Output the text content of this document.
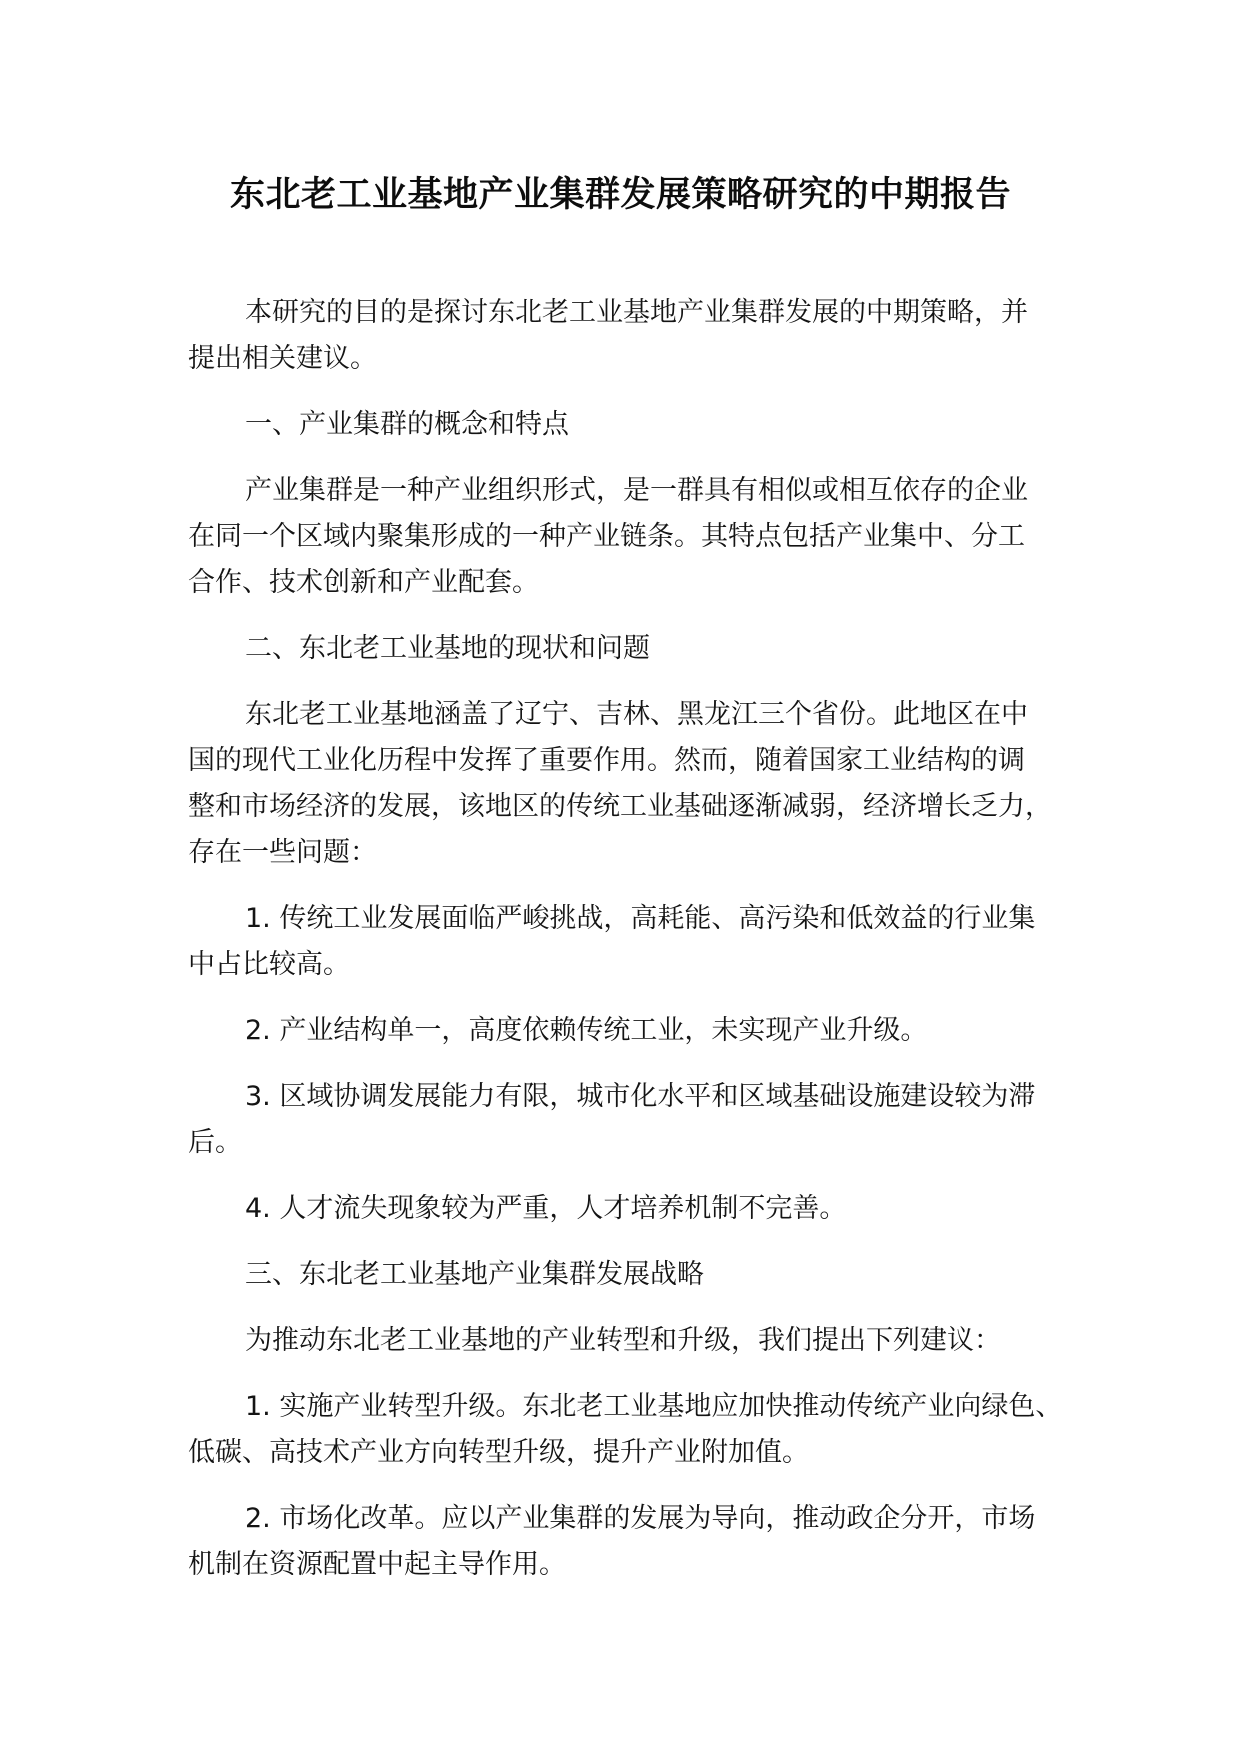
东北老工业基地产业集群发展策略研究的中期报告

本研究的目的是探讨东北老工业基地产业集群发展的中期策略，并
提出相关建议。

一、产业集群的概念和特点

产业集群是一种产业组织形式，是一群具有相似或相互依存的企业
在同一个区域内聚集形成的一种产业链条。其特点包括产业集中、分工
合作、技术创新和产业配套。

二、东北老工业基地的现状和问题

东北老工业基地涵盖了辽宁、吉林、黑龙江三个省份。此地区在中
国的现代工业化历程中发挥了重要作用。然而，随着国家工业结构的调
整和市场经济的发展，该地区的传统工业基础逐渐减弱，经济增长乏力，
存在一些问题：

1. 传统工业发展面临严峻挑战，高耗能、高污染和低效益的行业集
中占比较高。

2. 产业结构单一，高度依赖传统工业，未实现产业升级。

3. 区域协调发展能力有限，城市化水平和区域基础设施建设较为滞
后。

4. 人才流失现象较为严重，人才培养机制不完善。

三、东北老工业基地产业集群发展战略

为推动东北老工业基地的产业转型和升级，我们提出下列建议：

1. 实施产业转型升级。东北老工业基地应加快推动传统产业向绿色、
低碳、高技术产业方向转型升级，提升产业附加值。

2. 市场化改革。应以产业集群的发展为导向，推动政企分开，市场
机制在资源配置中起主导作用。
